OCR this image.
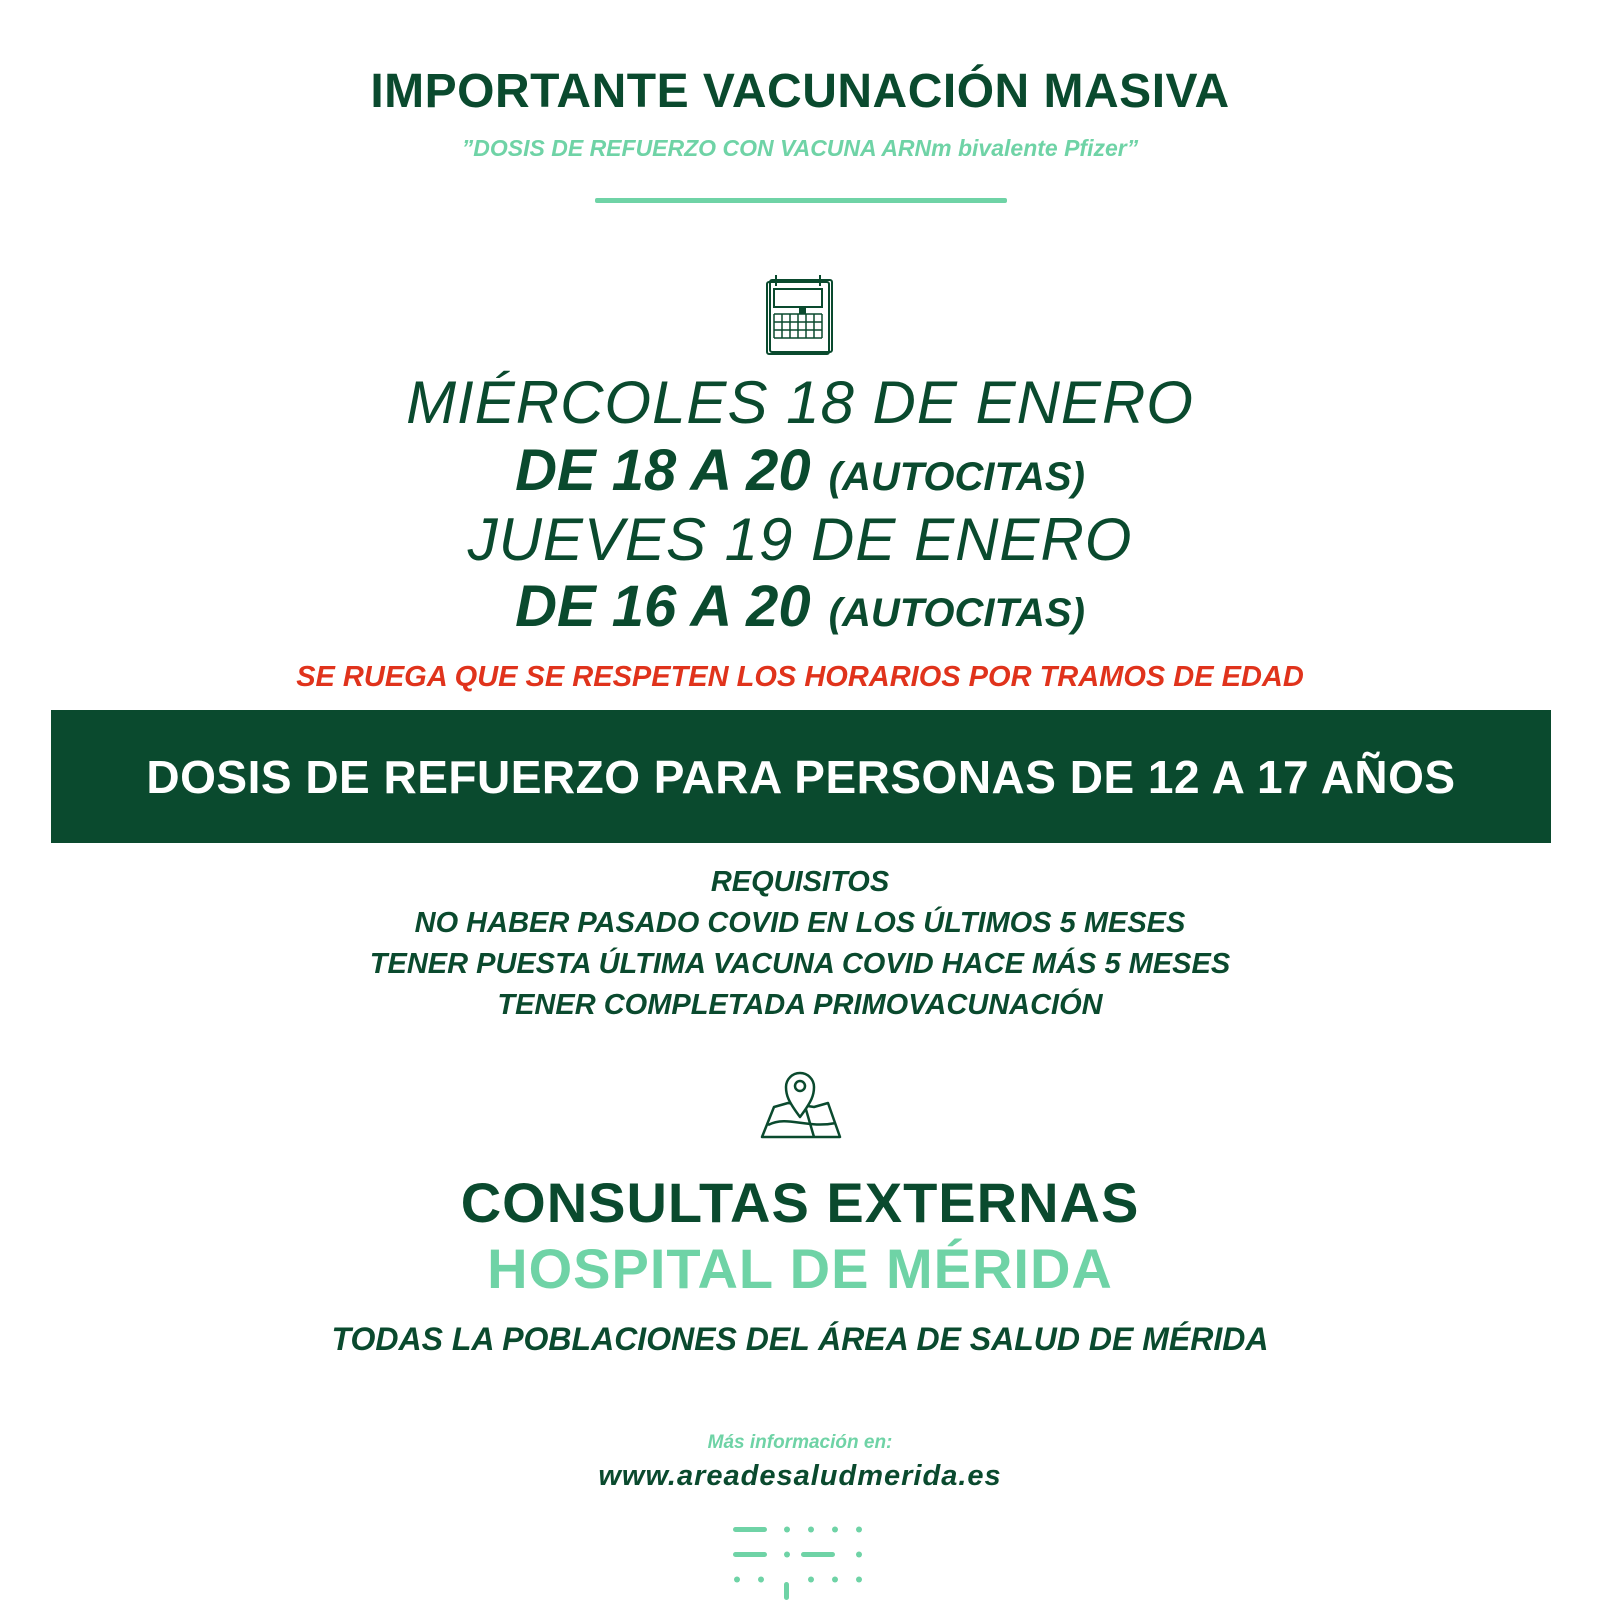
IMPORTANTE VACUNACIÓN MASIVA
”DOSIS DE REFUERZO CON VACUNA ARNm bivalente Pfizer”
MIÉRCOLES 18 DE ENERO
DE 18 A 20 (AUTOCITAS)
JUEVES 19 DE ENERO
DE 16 A 20 (AUTOCITAS)
SE RUEGA QUE SE RESPETEN LOS HORARIOS POR TRAMOS DE EDAD
DOSIS DE REFUERZO PARA PERSONAS DE 12 A 17 AÑOS
REQUISITOS
NO HABER PASADO COVID EN LOS ÚLTIMOS 5 MESES
TENER PUESTA ÚLTIMA VACUNA COVID HACE MÁS 5 MESES
TENER COMPLETADA PRIMOVACUNACIÓN
CONSULTAS EXTERNAS
HOSPITAL DE MÉRIDA
TODAS LA POBLACIONES DEL ÁREA DE SALUD DE MÉRIDA
Más información en:
www.areadesaludmerida.es
